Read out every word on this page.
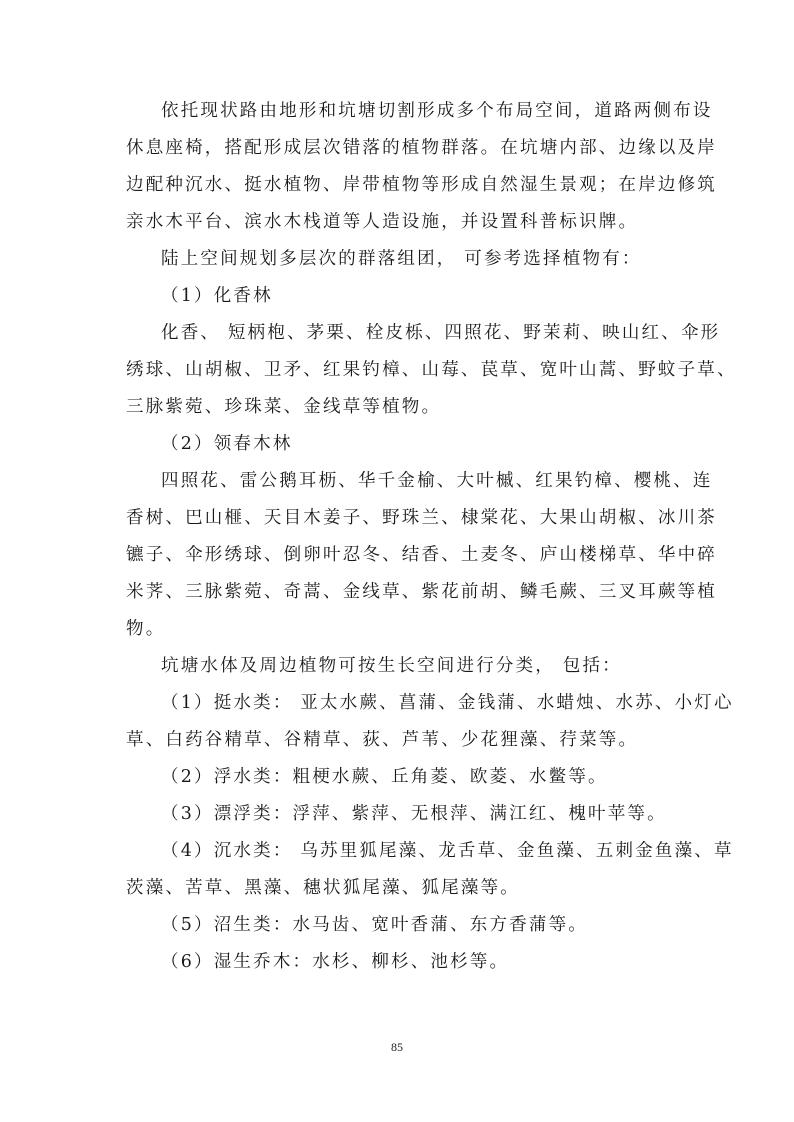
依托现状路由地形和坑塘切割形成多个布局空间，道路两侧布设
休息座椅，搭配形成层次错落的植物群落。在坑塘内部、边缘以及岸
边配种沉水、挺水植物、岸带植物等形成自然湿生景观；在岸边修筑
亲水木平台、滨水木栈道等人造设施，并设置科普标识牌。
陆上空间规划多层次的群落组团， 可参考选择植物有：
（1）化香林
化香、 短柄枹、茅栗、栓皮栎、四照花、野茉莉、映山红、伞形
绣球、山胡椒、卫矛、红果钓樟、山莓、苠草、宽叶山蒿、野蚊子草、
三脉紫菀、珍珠菜、金线草等植物。
（2）领春木林
四照花、雷公鹅耳枥、华千金榆、大叶槭、红果钓樟、樱桃、连
香树、巴山榧、天目木姜子、野珠兰、棣棠花、大果山胡椒、冰川茶
镳子、伞形绣球、倒卵叶忍冬、结香、土麦冬、庐山楼梯草、华中碎
米荠、三脉紫菀、奇蒿、金线草、紫花前胡、鳞毛蕨、三叉耳蕨等植
物。
坑塘水体及周边植物可按生长空间进行分类， 包括：
（1）挺水类： 亚太水蕨、菖蒲、金钱蒲、水蜡烛、水苏、小灯心
草、白药谷精草、谷精草、荻、芦苇、少花狸藻、荇菜等。
（2）浮水类：粗梗水蕨、丘角菱、欧菱、水鳖等。
（3）漂浮类：浮萍、紫萍、无根萍、满江红、槐叶苹等。
（4）沉水类： 乌苏里狐尾藻、龙舌草、金鱼藻、五刺金鱼藻、草
茨藻、苦草、黑藻、穗状狐尾藻、狐尾藻等。
（5）沼生类：水马齿、宽叶香蒲、东方香蒲等。
（6）湿生乔木：水杉、柳杉、池杉等。
85
